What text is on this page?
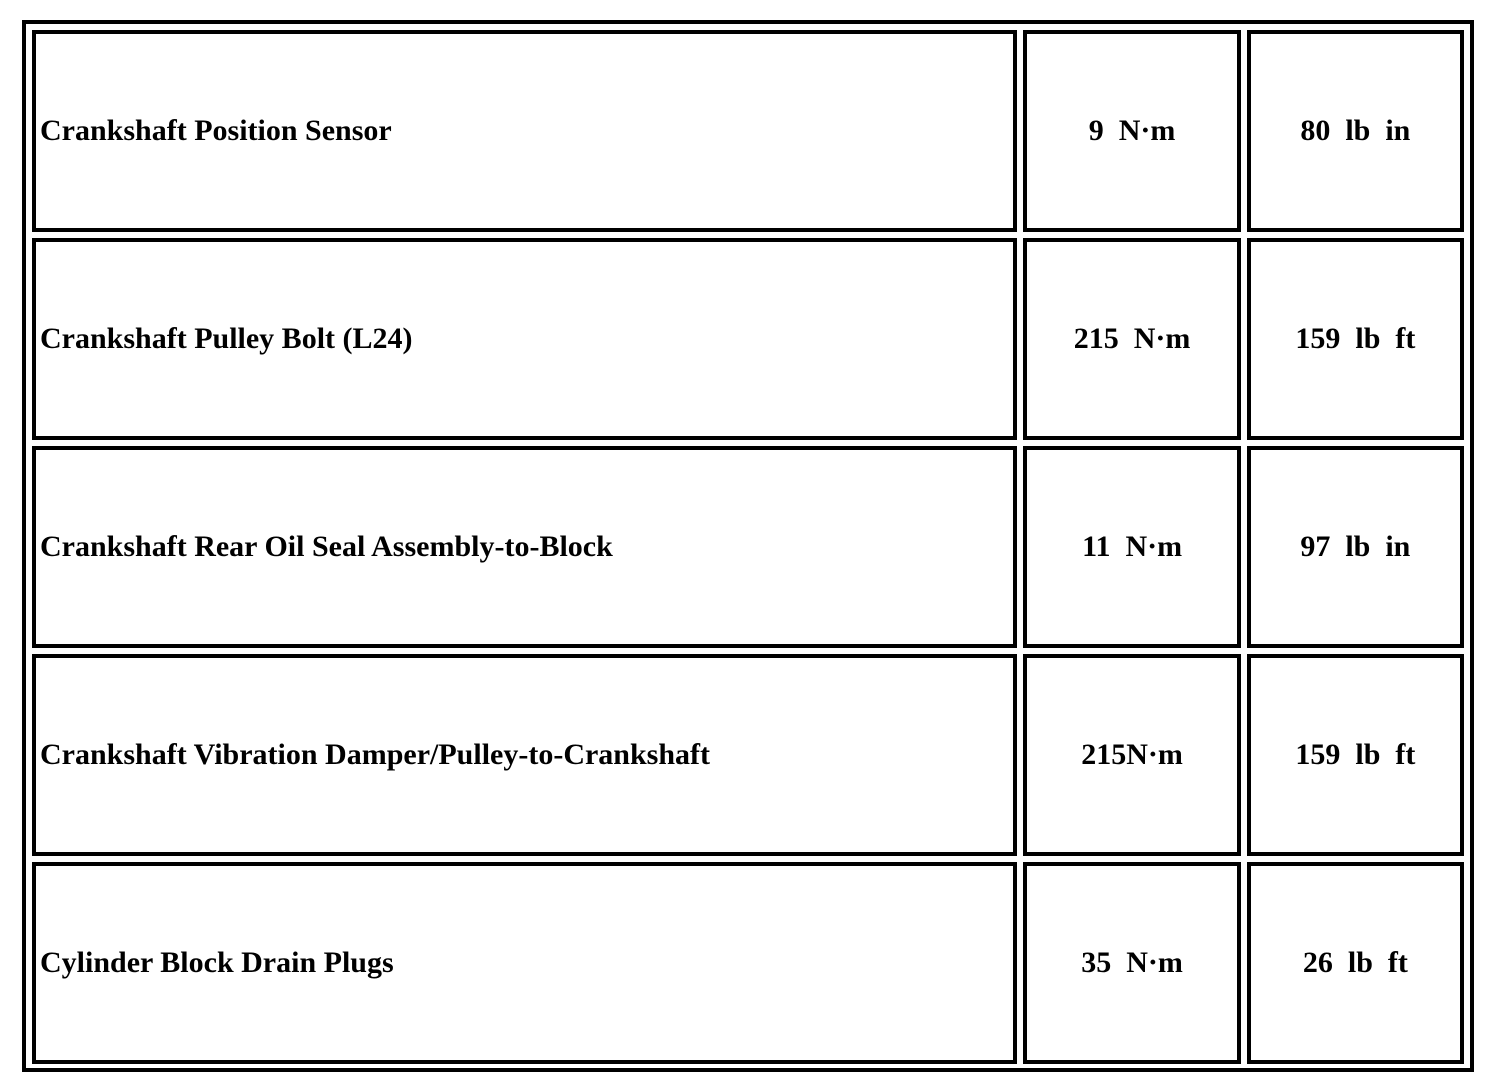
Crankshaft Position Sensor	9  N·m	80  lb  in
Crankshaft Pulley Bolt (L24)	215  N·m	159  lb  ft
Crankshaft Rear Oil Seal Assembly-to-Block	11  N·m	97  lb  in
Crankshaft Vibration Damper/Pulley-to-Crankshaft	215N·m	159  lb  ft
Cylinder Block Drain Plugs	35  N·m	26  lb  ft
